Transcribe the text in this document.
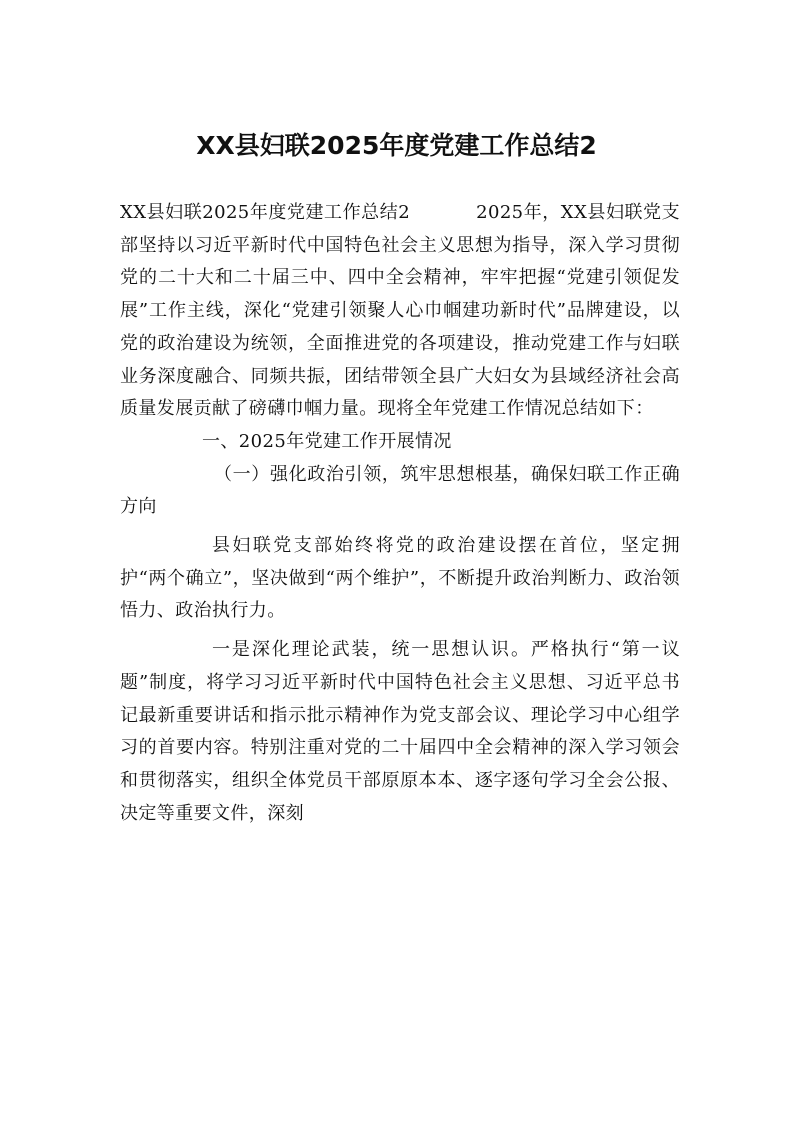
XX县妇联2025年度党建工作总结2

XX县妇联2025年度党建工作总结2	2025年，XX县妇联党支部坚持以习近平新时代中国特色社会主义思想为指导，深入学习贯彻党的二十大和二十届三中、四中全会精神，牢牢把握“党建引领促发展”工作主线，深化“党建引领聚人心巾帼建功新时代”品牌建设，以党的政治建设为统领，全面推进党的各项建设，推动党建工作与妇联业务深度融合、同频共振，团结带领全县广大妇女为县域经济社会高质量发展贡献了磅礴巾帼力量。现将全年党建工作情况总结如下：

一、2025年党建工作开展情况

（一）强化政治引领，筑牢思想根基，确保妇联工作正确方向

县妇联党支部始终将党的政治建设摆在首位，坚定拥护“两个确立”，坚决做到“两个维护”，不断提升政治判断力、政治领悟力、政治执行力。

一是深化理论武装，统一思想认识。严格执行“第一议题”制度，将学习习近平新时代中国特色社会主义思想、习近平总书记最新重要讲话和指示批示精神作为党支部会议、理论学习中心组学习的首要内容。特别注重对党的二十届四中全会精神的深入学习领会和贯彻落实，组织全体党员干部原原本本、逐字逐句学习全会公报、决定等重要文件，深刻
